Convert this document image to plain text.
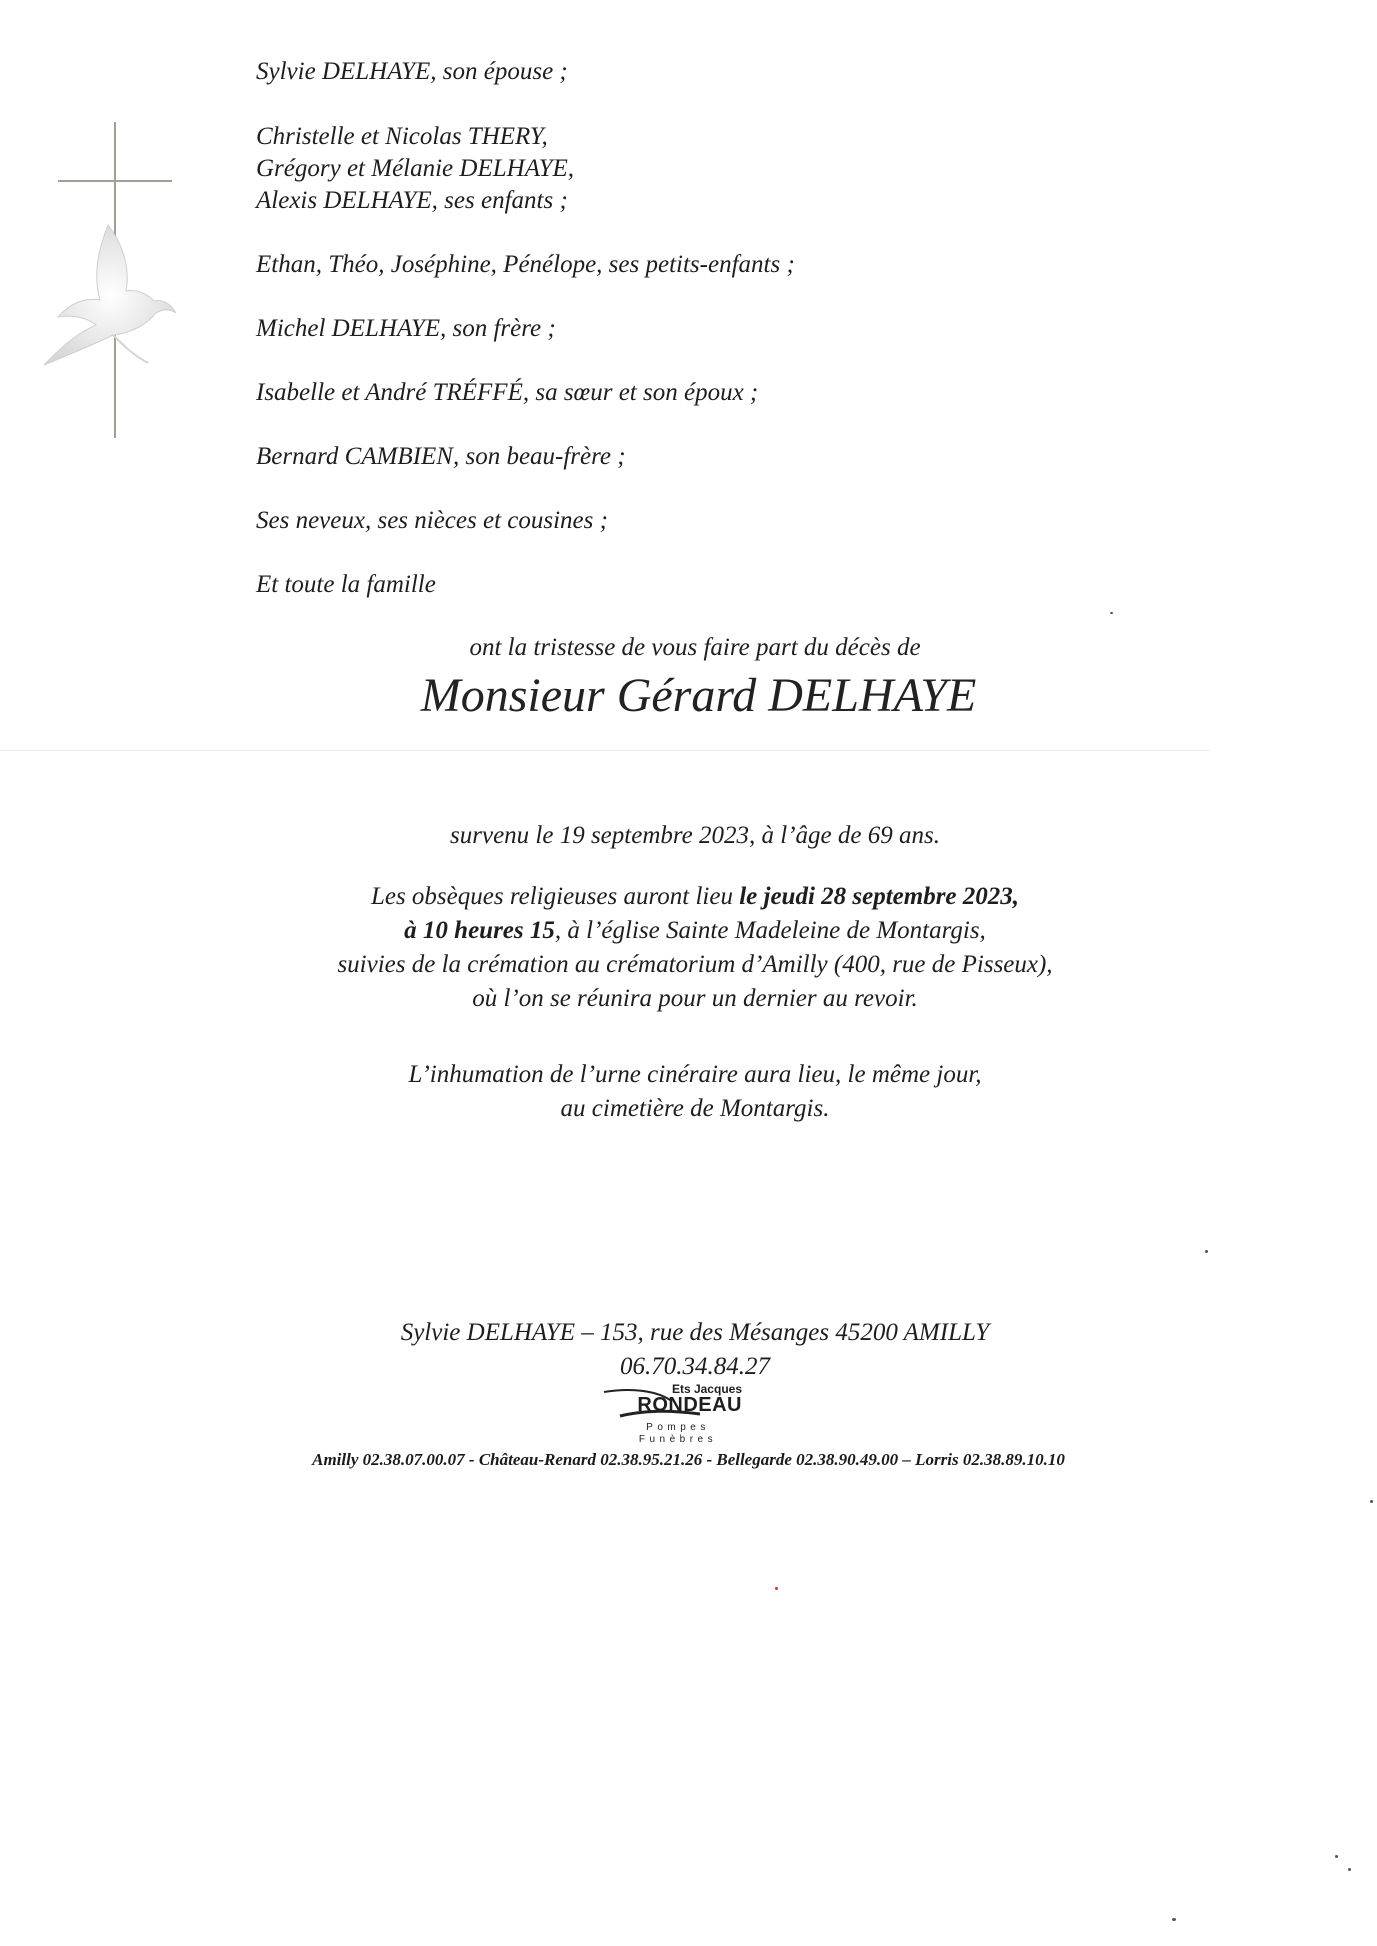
Sylvie DELHAYE, son épouse ;
Christelle et Nicolas THERY,
Grégory et Mélanie DELHAYE,
Alexis DELHAYE, ses enfants ;
Ethan, Théo, Joséphine, Pénélope, ses petits-enfants ;
Michel DELHAYE, son frère ;
Isabelle et André TRÉFFÉ, sa sœur et son époux ;
Bernard CAMBIEN, son beau-frère ;
Ses neveux, ses nièces et cousines ;
Et toute la famille
ont la tristesse de vous faire part du décès de
Monsieur Gérard DELHAYE
survenu le 19 septembre 2023, à l’âge de 69 ans.
Les obsèques religieuses auront lieu le jeudi 28 septembre 2023,
à 10 heures 15, à l’église Sainte Madeleine de Montargis,
suivies de la crémation au crématorium d’Amilly (400, rue de Pisseux),
où l’on se réunira pour un dernier au revoir.
L’inhumation de l’urne cinéraire aura lieu, le même jour,
au cimetière de Montargis.
Sylvie DELHAYE – 153, rue des Mésanges 45200 AMILLY
06.70.34.84.27
Ets Jacques
RONDEAU
Pompes Funèbres
Amilly 02.38.07.00.07 - Château-Renard 02.38.95.21.26 - Bellegarde 02.38.90.49.00 – Lorris 02.38.89.10.10
